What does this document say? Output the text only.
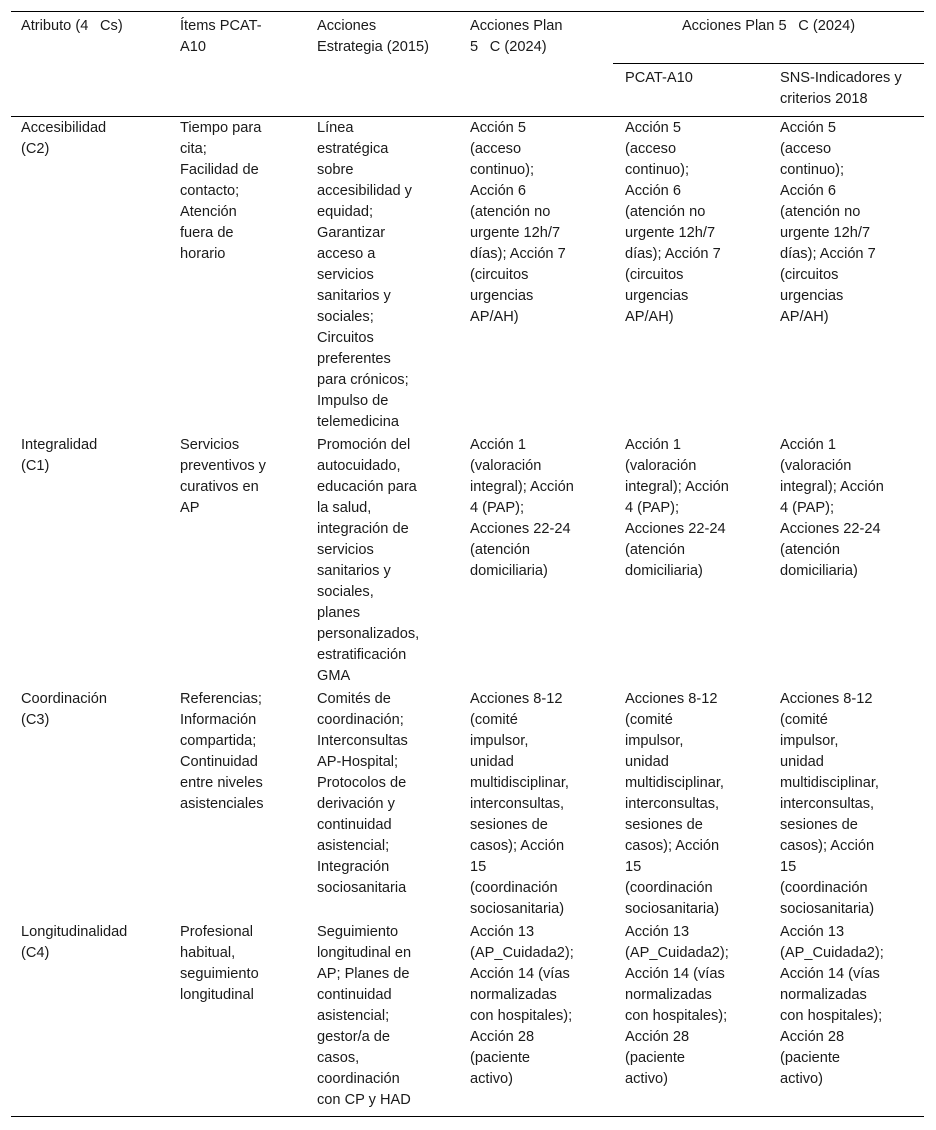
Atributo (4    Cs)	Ítems PCAT-
A10
Acciones
Estrategia (2015)
Acciones Plan
5    C (2024)
Acciones Plan 5    C (2024)
PCAT-A10	SNS-Indicadores y
criterios 2018
Accesibilidad
(C2)
Tiempo para
cita;
Facilidad de
contacto;
Atención
fuera de
horario
Línea
estratégica
sobre
accesibilidad y
equidad;
Garantizar
acceso a
servicios
sanitarios y
sociales;
Circuitos
preferentes
para crónicos;
Impulso de
telemedicina
Acción 5
(acceso
continuo);
Acción 6
(atención no
urgente 12h/7
días); Acción 7
(circuitos
urgencias
AP/AH)
Acción 5
(acceso
continuo);
Acción 6
(atención no
urgente 12h/7
días); Acción 7
(circuitos
urgencias
AP/AH)
Acción 5
(acceso
continuo);
Acción 6
(atención no
urgente 12h/7
días); Acción 7
(circuitos
urgencias
AP/AH)
Integralidad
(C1)
Servicios
preventivos y
curativos en
AP
Promoción del
autocuidado,
educación para
la salud,
integración de
servicios
sanitarios y
sociales,
planes
personalizados,
estratificación
GMA
Acción 1
(valoración
integral); Acción
4 (PAP);
Acciones 22-24
(atención
domiciliaria)
Acción 1
(valoración
integral); Acción
4 (PAP);
Acciones 22-24
(atención
domiciliaria)
Acción 1
(valoración
integral); Acción
4 (PAP);
Acciones 22-24
(atención
domiciliaria)
Coordinación
(C3)
Referencias;
Información
compartida;
Continuidad
entre niveles
asistenciales
Comités de
coordinación;
Interconsultas
AP-Hospital;
Protocolos de
derivación y
continuidad
asistencial;
Integración
sociosanitaria
Acciones 8-12
(comité
impulsor,
unidad
multidisciplinar,
interconsultas,
sesiones de
casos); Acción
15
(coordinación
sociosanitaria)
Acciones 8-12
(comité
impulsor,
unidad
multidisciplinar,
interconsultas,
sesiones de
casos); Acción
15
(coordinación
sociosanitaria)
Acciones 8-12
(comité
impulsor,
unidad
multidisciplinar,
interconsultas,
sesiones de
casos); Acción
15
(coordinación
sociosanitaria)
Longitudinalidad
(C4)
Profesional
habitual,
seguimiento
longitudinal
Seguimiento
longitudinal en
AP; Planes de
continuidad
asistencial;
gestor/a de
casos,
coordinación
con CP y HAD
Acción 13
(AP_Cuidada2);
Acción 14 (vías
normalizadas
con hospitales);
Acción 28
(paciente
activo)
Acción 13
(AP_Cuidada2);
Acción 14 (vías
normalizadas
con hospitales);
Acción 28
(paciente
activo)
Acción 13
(AP_Cuidada2);
Acción 14 (vías
normalizadas
con hospitales);
Acción 28
(paciente
activo)
